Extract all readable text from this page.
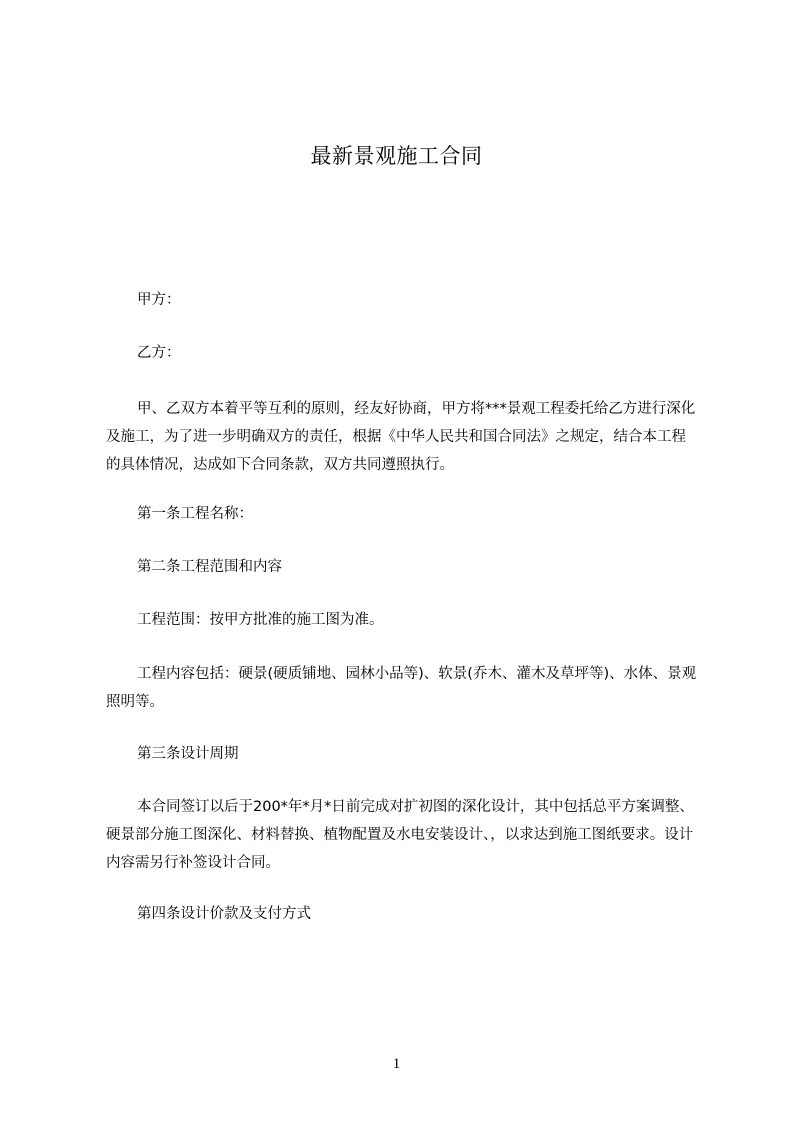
最新景观施工合同

甲方：

乙方：

甲、乙双方本着平等互利的原则，经友好协商，甲方将***景观工程委托给乙方进行深化及施工，为了进一步明确双方的责任，根据《中华人民共和国合同法》之规定，结合本工程的具体情况，达成如下合同条款，双方共同遵照执行。

第一条工程名称：

第二条工程范围和内容

工程范围：按甲方批准的施工图为准。

工程内容包括：硬景(硬质铺地、园林小品等)、软景(乔木、灌木及草坪等)、水体、景观照明等。

第三条设计周期

本合同签订以后于200*年*月*日前完成对扩初图的深化设计，其中包括总平方案调整、硬景部分施工图深化、材料替换、植物配置及水电安装设计、，以求达到施工图纸要求。设计内容需另行补签设计合同。

第四条设计价款及支付方式

1
